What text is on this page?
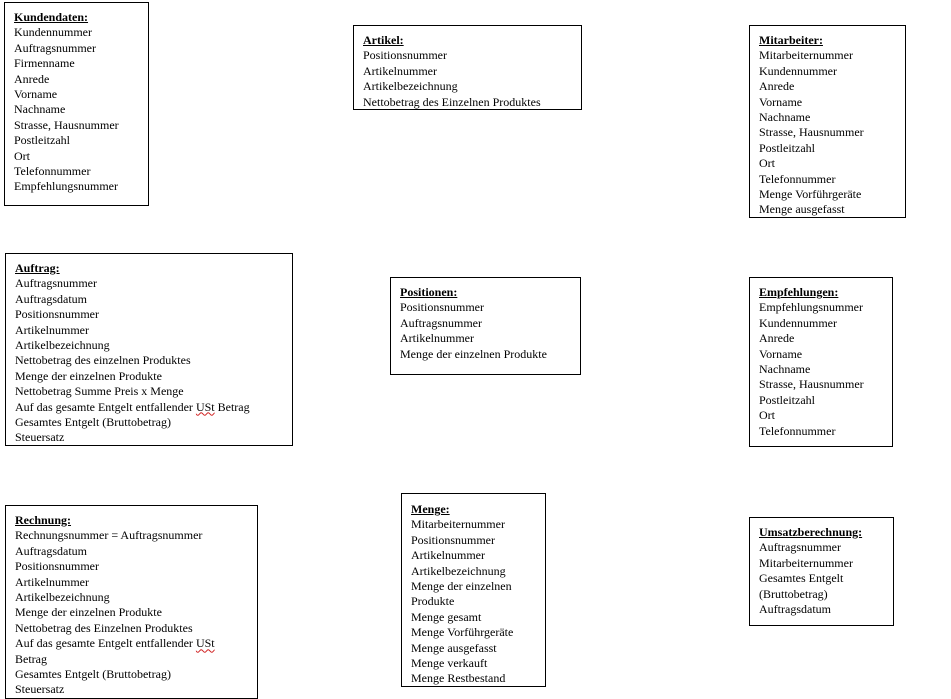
Kundendaten:
Kundennummer
Auftragsnummer
Firmenname
Anrede
Vorname
Nachname
Strasse, Hausnummer
Postleitzahl
Ort
Telefonnummer
Empfehlungsnummer
Artikel:
Positionsnummer
Artikelnummer
Artikelbezeichnung
Nettobetrag des Einzelnen Produktes
Mitarbeiter:
Mitarbeiternummer
Kundennummer
Anrede
Vorname
Nachname
Strasse, Hausnummer
Postleitzahl
Ort
Telefonnummer
Menge Vorführgeräte
Menge ausgefasst
Auftrag:
Auftragsnummer
Auftragsdatum
Positionsnummer
Artikelnummer
Artikelbezeichnung
Nettobetrag des einzelnen Produktes
Menge der einzelnen Produkte
Nettobetrag Summe Preis x Menge
Auf das gesamte Entgelt entfallender USt Betrag
Gesamtes Entgelt (Bruttobetrag)
Steuersatz
Positionen:
Positionsnummer
Auftragsnummer
Artikelnummer
Menge der einzelnen Produkte
Empfehlungen:
Empfehlungsnummer
Kundennummer
Anrede
Vorname
Nachname
Strasse, Hausnummer
Postleitzahl
Ort
Telefonnummer
Rechnung:
Rechnungsnummer = Auftragsnummer
Auftragsdatum
Positionsnummer
Artikelnummer
Artikelbezeichnung
Menge der einzelnen Produkte
Nettobetrag des Einzelnen Produktes
Auf das gesamte Entgelt entfallender USt Betrag
Gesamtes Entgelt (Bruttobetrag)
Steuersatz
Menge:
Mitarbeiternummer
Positionsnummer
Artikelnummer
Artikelbezeichnung
Menge der einzelnen Produkte
Menge gesamt
Menge Vorführgeräte
Menge ausgefasst
Menge verkauft
Menge Restbestand
Umsatzberechnung:
Auftragsnummer
Mitarbeiternummer
Gesamtes Entgelt (Bruttobetrag)
Auftragsdatum
